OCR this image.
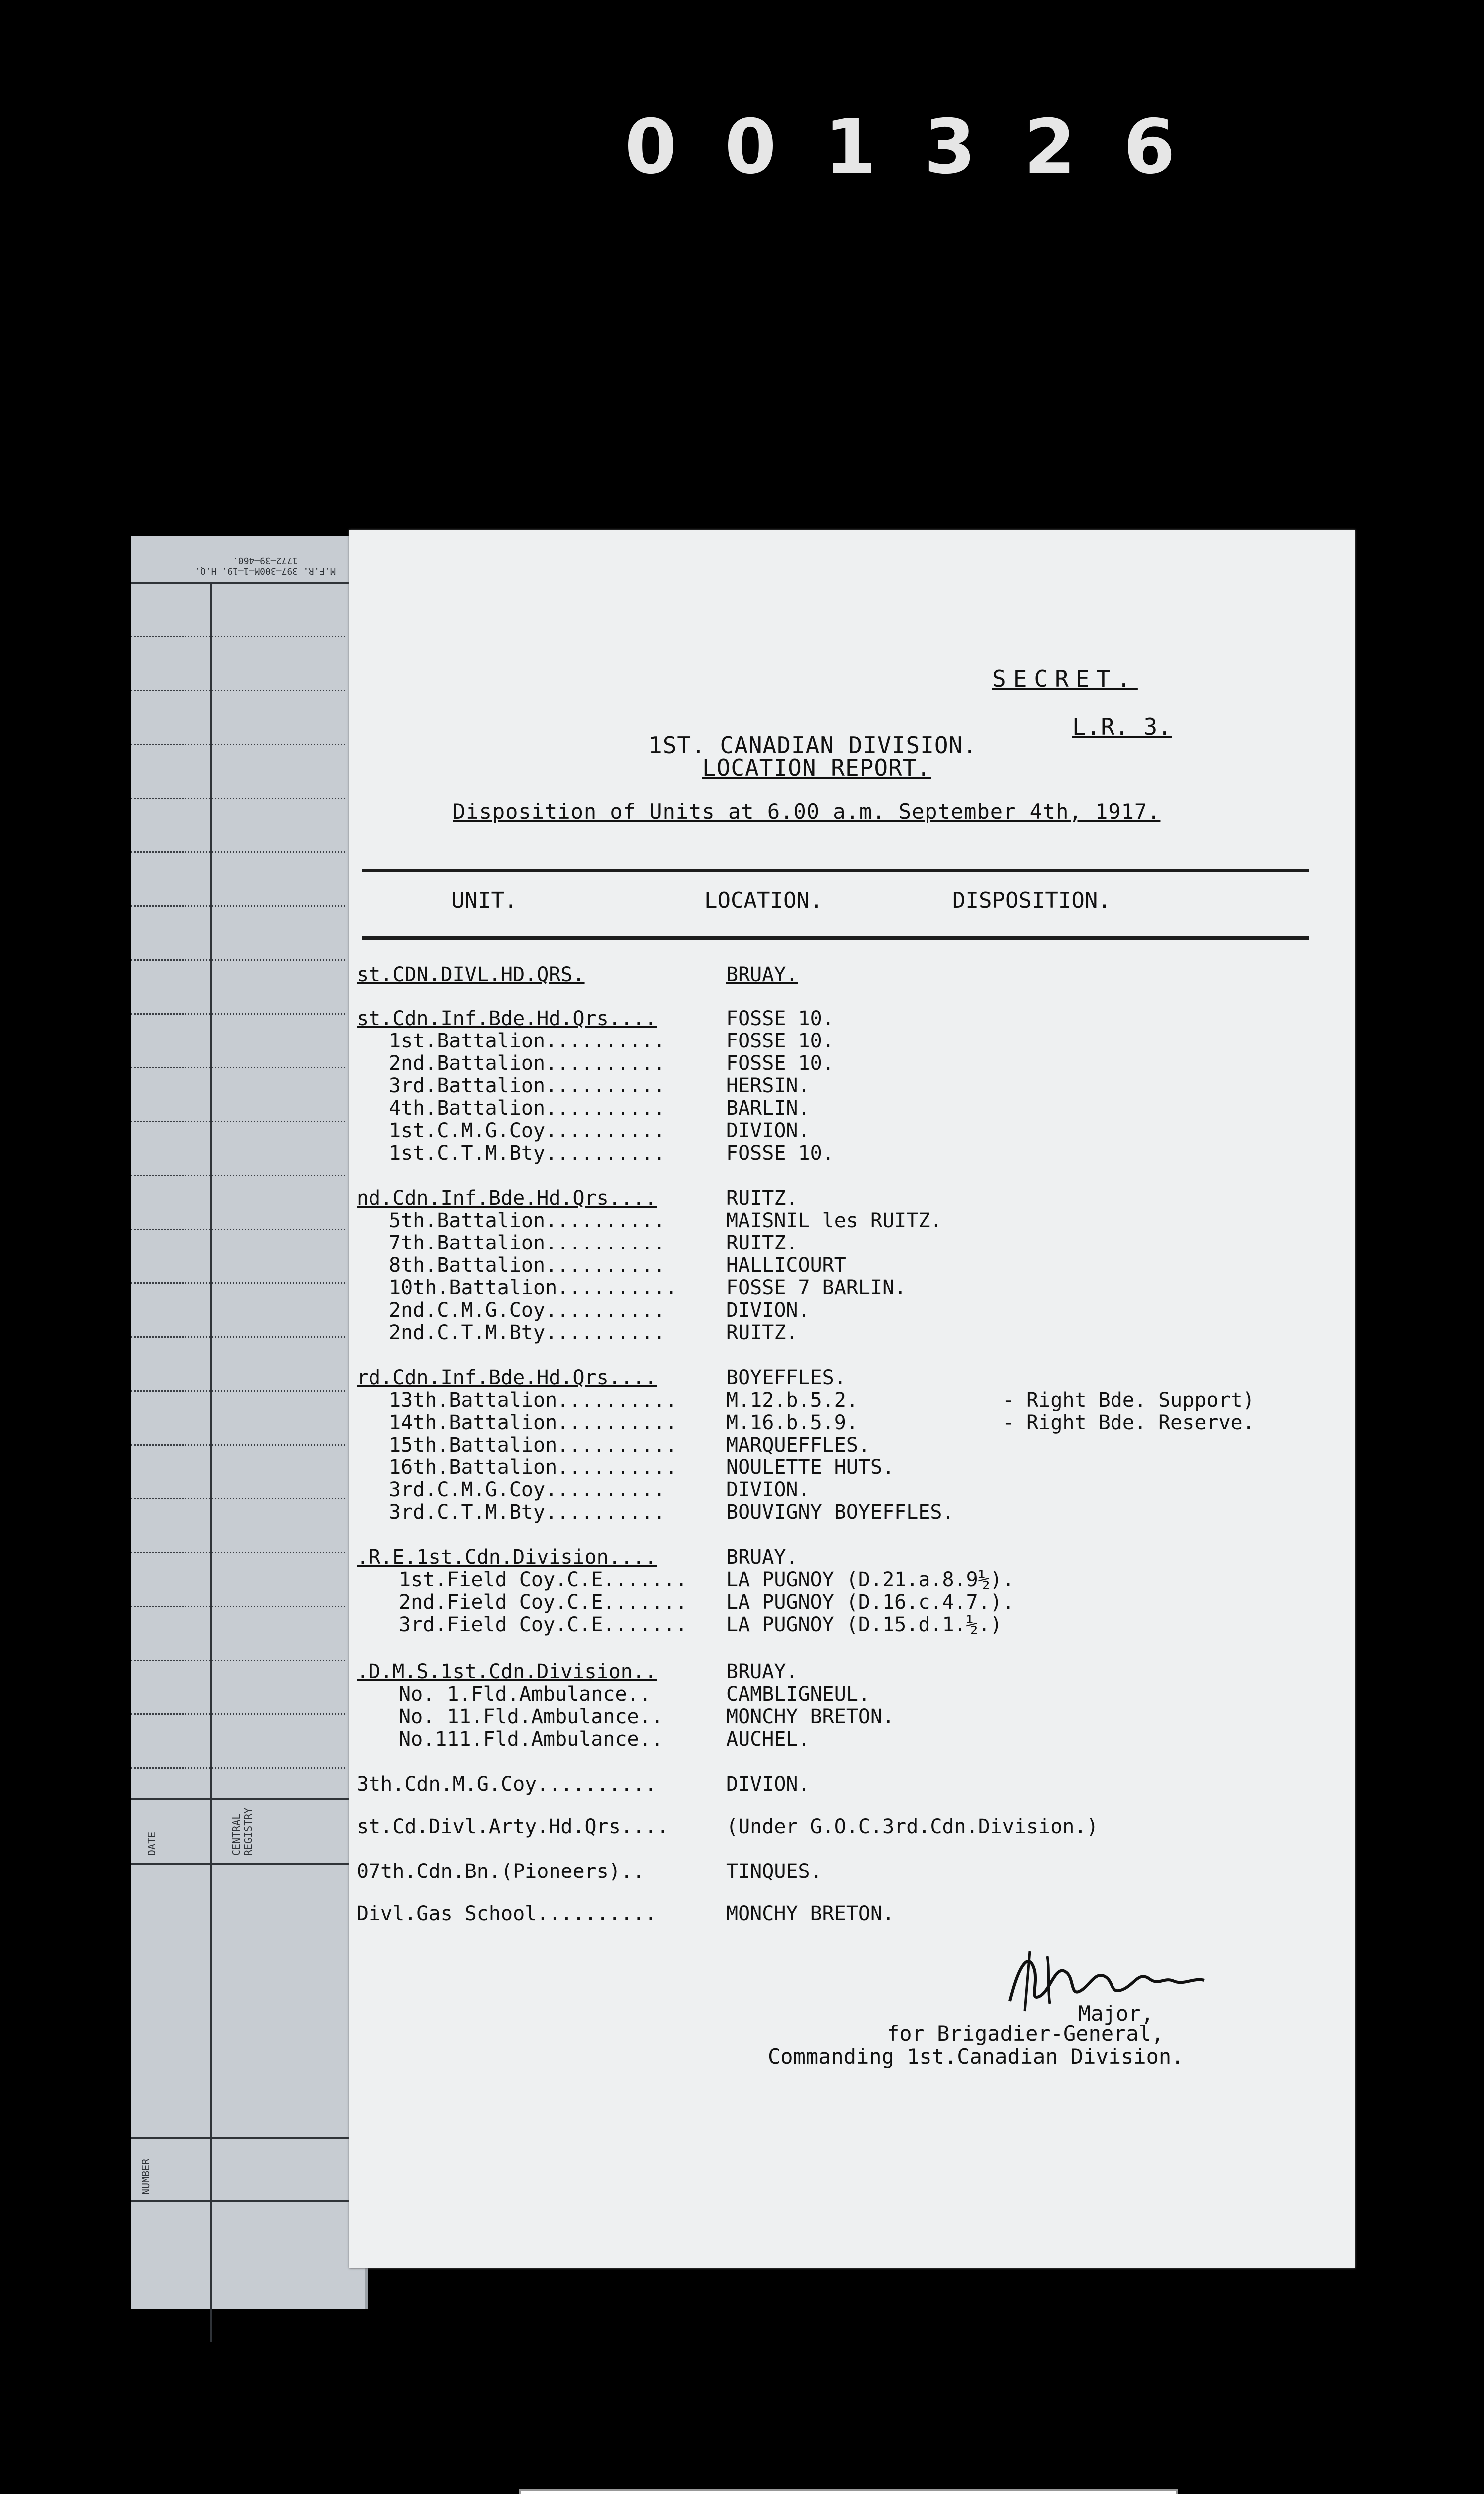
0 0 1 3 2 6
M.F.R. 397–300M–1–19. H.Q. 1772–39–460.
CENTRAL REGISTRY
DATE
NUMBER
SECRET.
L.R. 3.
1ST. CANADIAN DIVISION.
LOCATION REPORT.
Disposition of Units at 6.00 a.m. September 4th, 1917.
UNIT.	LOCATION.	DISPOSITION.
st.CDN.DIVL.HD.QRS.	BRUAY.
st.Cdn.Inf.Bde.Hd.Qrs....	FOSSE 10.
1st.Battalion..........	FOSSE 10.
2nd.Battalion..........	FOSSE 10.
3rd.Battalion..........	HERSIN.
4th.Battalion..........	BARLIN.
1st.C.M.G.Coy..........	DIVION.
1st.C.T.M.Bty..........	FOSSE 10.
nd.Cdn.Inf.Bde.Hd.Qrs....	RUITZ.
5th.Battalion..........	MAISNIL les RUITZ.
7th.Battalion..........	RUITZ.
8th.Battalion..........	HALLICOURT
10th.Battalion.......... FOSSE 7 BARLIN.
2nd.C.M.G.Coy..........	DIVION.
2nd.C.T.M.Bty..........	RUITZ.
rd.Cdn.Inf.Bde.Hd.Qrs....	BOYEFFLES.
13th.Battalion.......... M.12.b.5.2.	- Right Bde. Support)
14th.Battalion.......... M.16.b.5.9.	- Right Bde. Reserve.
15th.Battalion.......... MARQUEFFLES.
16th.Battalion.......... NOULETTE HUTS.
3rd.C.M.G.Coy..........	DIVION.
3rd.C.T.M.Bty..........	BOUVIGNY BOYEFFLES.
.R.E.1st.Cdn.Division....	BRUAY.
1st.Field Coy.C.E....... LA PUGNOY (D.21.a.8.9½).
2nd.Field Coy.C.E....... LA PUGNOY (D.16.c.4.7.).
3rd.Field Coy.C.E....... LA PUGNOY (D.15.d.1.½.)
.D.M.S.1st.Cdn.Division..	BRUAY.
No. 1.Fld.Ambulance..	CAMBLIGNEUL.
No. 11.Fld.Ambulance..	MONCHY BRETON.
No.111.Fld.Ambulance..	AUCHEL.
3th.Cdn.M.G.Coy..........	DIVION.
st.Cd.Divl.Arty.Hd.Qrs....	(Under G.O.C.3rd.Cdn.Division.)
07th.Cdn.Bn.(Pioneers)..	TINQUES.
Divl.Gas School..........	MONCHY BRETON.
Major,
for Brigadier-General,
Commanding 1st.Canadian Division.
